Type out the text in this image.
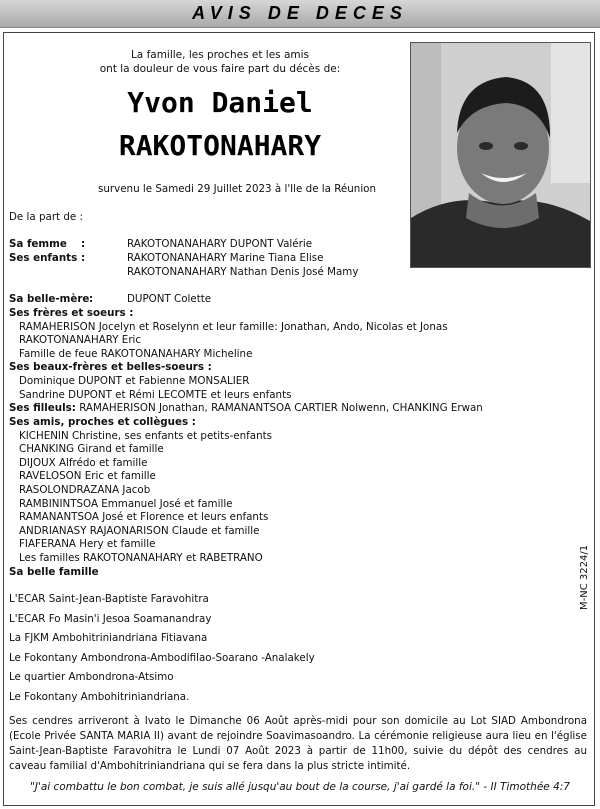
AVIS DE DECES
La famille, les proches et les amis
ont la douleur de vous faire part du décès de:
Yvon Daniel
RAKOTONAHARY
survenu le Samedi 29 Juillet 2023 à l'Ile de la Réunion
De la part de :
Sa femme :	RAKOTONANAHARY DUPONT Valérie
Ses enfants :	RAKOTONANAHARY Marine Tiana Elise
RAKOTONANAHARY Nathan Denis José Mamy
Sa belle-mère :	DUPONT Colette
Ses frères et soeurs :
RAMAHERISON Jocelyn et Roselynn et leur famille: Jonathan, Ando, Nicolas et Jonas
RAKOTONANAHARY Eric
Famille de feue RAKOTONANAHARY Micheline
Ses beaux-frères et belles-soeurs :
Dominique DUPONT et Fabienne MONSALIER
Sandrine DUPONT et Rémi LECOMTE et leurs enfants
Ses filleuls: RAMAHERISON Jonathan, RAMANANTSOA CARTIER Nolwenn, CHANKING Erwan
Ses amis, proches et collègues :
KICHENIN Christine, ses enfants et petits-enfants
CHANKING Girand et famille
DIJOUX Alfrédo et famille
RAVELOSON Eric et famille
RASOLONDRAZANA Jacob
RAMBININTSOA Emmanuel José et famille
RAMANANTSOA José et Florence et leurs enfants
ANDRIANASY RAJAONARISON Claude et famille
FIAFERANA Hery et famille
Les familles RAKOTONANAHARY et RABETRANO
Sa belle famille	M-NC 3224/1
L'ECAR Saint-Jean-Baptiste Faravohitra
L'ECAR Fo Masin'i Jesoa Soamanandray
La FJKM Ambohitriniandriana Fitiavana
Le Fokontany Ambondrona-Ambodifilao-Soarano -Analakely
Le quartier Ambondrona-Atsimo
Le Fokontany Ambohitriniandriana.
Ses cendres arriveront à Ivato le Dimanche 06 Août après-midi pour son domicile au Lot SIAD Ambondrona (Ecole Privée SANTA MARIA II) avant de rejoindre Soavimasoandro. La cérémonie religieuse aura lieu en l'église Saint-Jean-Baptiste Faravohitra le Lundi 07 Août 2023 à partir de 11h00, suivie du dépôt des cendres au caveau familial d'Ambohitriniandriana qui se fera dans la plus stricte intimité.
"J'ai combattu le bon combat, je suis allé jusqu'au bout de la course, j'ai gardé la foi." - II Timothée 4:7
